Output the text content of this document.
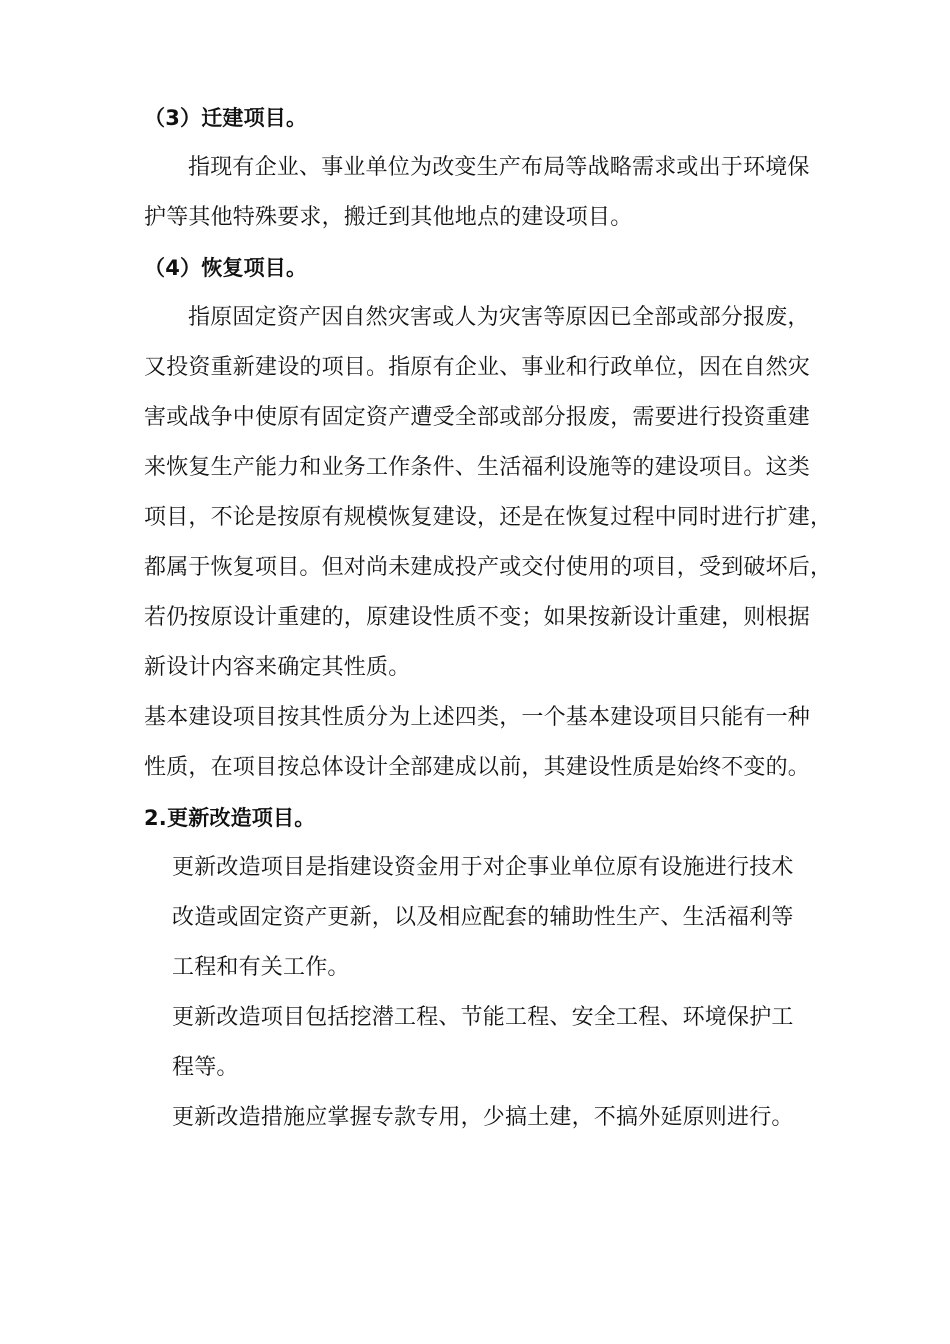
（3）迁建项目。
指现有企业、事业单位为改变生产布局等战略需求或出于环境保
护等其他特殊要求，搬迁到其他地点的建设项目。
（4）恢复项目。
指原固定资产因自然灾害或人为灾害等原因已全部或部分报废，
又投资重新建设的项目。指原有企业、事业和行政单位，因在自然灾
害或战争中使原有固定资产遭受全部或部分报废，需要进行投资重建
来恢复生产能力和业务工作条件、生活福利设施等的建设项目。这类
项目，不论是按原有规模恢复建设，还是在恢复过程中同时进行扩建，
都属于恢复项目。但对尚未建成投产或交付使用的项目，受到破坏后，
若仍按原设计重建的，原建设性质不变；如果按新设计重建，则根据
新设计内容来确定其性质。
基本建设项目按其性质分为上述四类，一个基本建设项目只能有一种
性质，在项目按总体设计全部建成以前，其建设性质是始终不变的。
2.更新改造项目。
更新改造项目是指建设资金用于对企事业单位原有设施进行技术
改造或固定资产更新，以及相应配套的辅助性生产、生活福利等
工程和有关工作。
更新改造项目包括挖潜工程、节能工程、安全工程、环境保护工
程等。
更新改造措施应掌握专款专用，少搞土建，不搞外延原则进行。
